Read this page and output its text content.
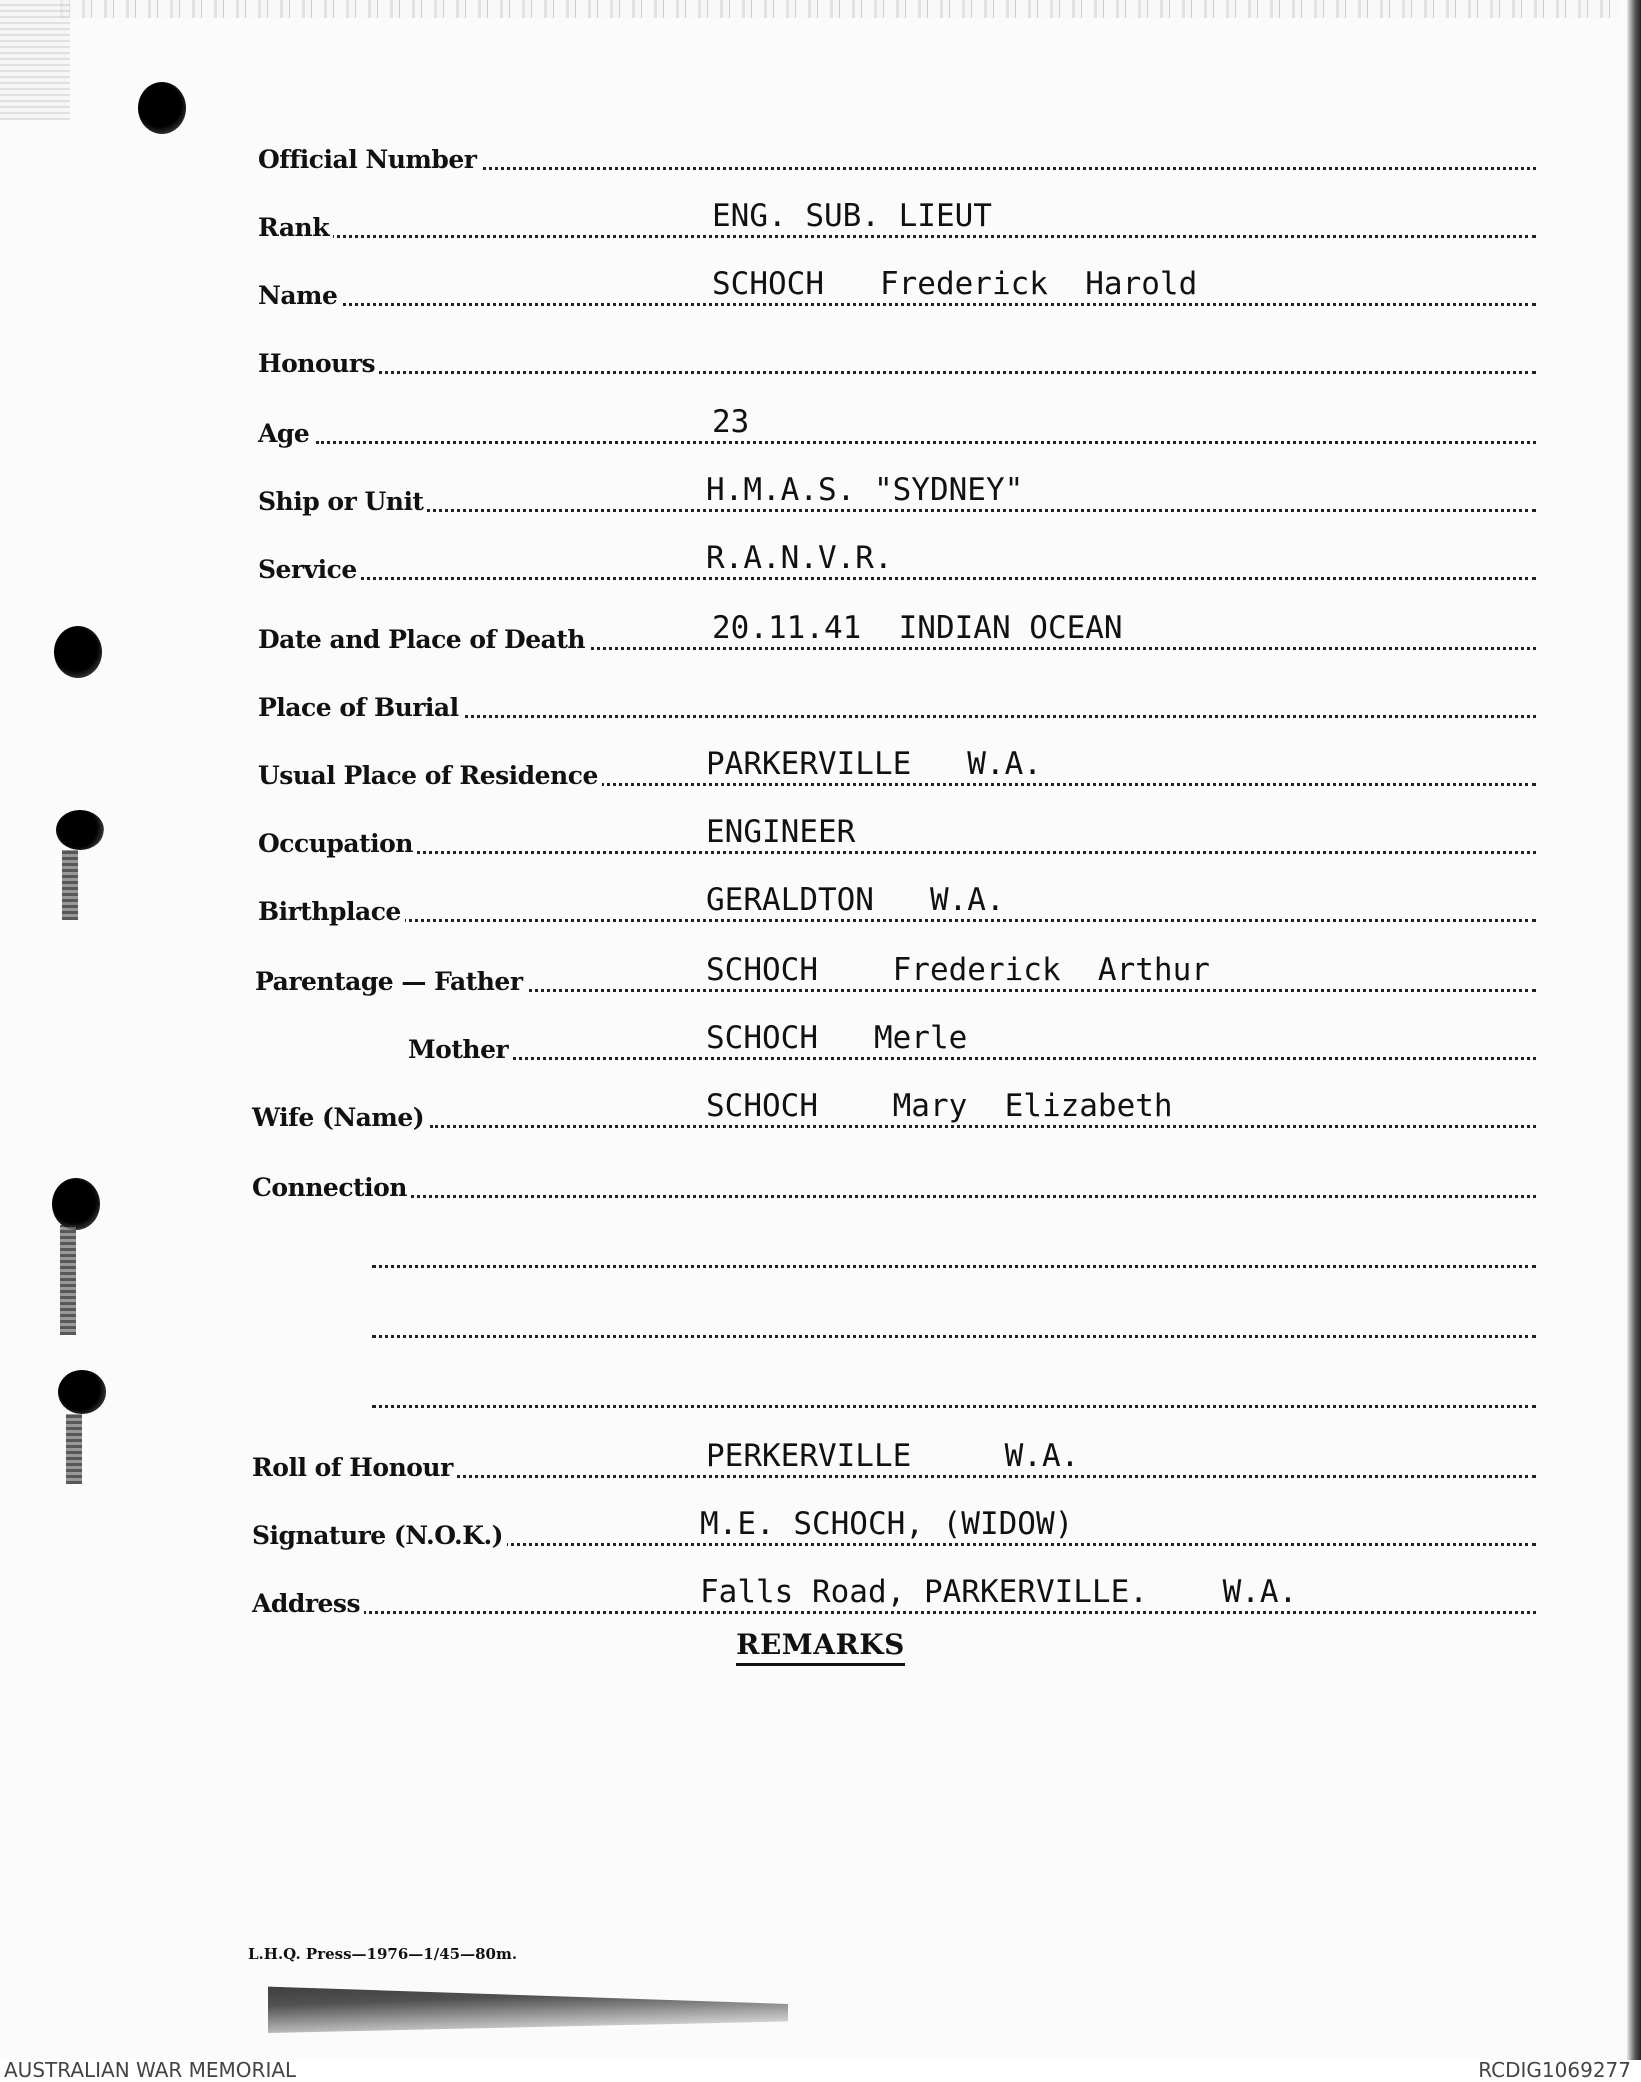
Official Number
Rank	ENG. SUB. LIEUT
Name	SCHOCH   Frederick  Harold
Honours
Age	23
Ship or Unit	H.M.A.S. "SYDNEY"
Service	R.A.N.V.R.
Date and Place of Death	20.11.41  INDIAN OCEAN
Place of Burial
Usual Place of Residence	PARKERVILLE   W.A.
Occupation	ENGINEER
Birthplace	GERALDTON   W.A.
Parentage — Father	SCHOCH    Frederick  Arthur
Mother	SCHOCH   Merle
Wife (Name)	SCHOCH    Mary  Elizabeth
Connection
Roll of Honour	PERKERVILLE     W.A.
Signature (N.O.K.)	M.E. SCHOCH, (WIDOW)
Address	Falls Road, PARKERVILLE.    W.A.
REMARKS
L.H.Q. Press—1976—1/45—80m.
AUSTRALIAN WAR MEMORIAL	RCDIG1069277
